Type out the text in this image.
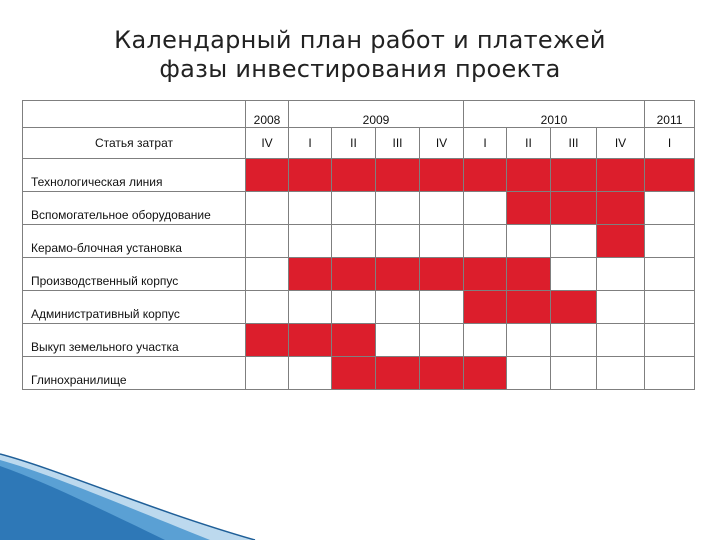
Календарный план работ и платежей
фазы инвестирования проекта
	2008	2009				2010				2011
Статья затрат	IV	I	II	III	IV	I	II	III	IV	I
Технологическая линия										
Вспомогательное оборудование										
Керамо-блочная установка										
Производственный корпус										
Административный корпус										
Выкуп земельного участка										
Глинохранилище										
